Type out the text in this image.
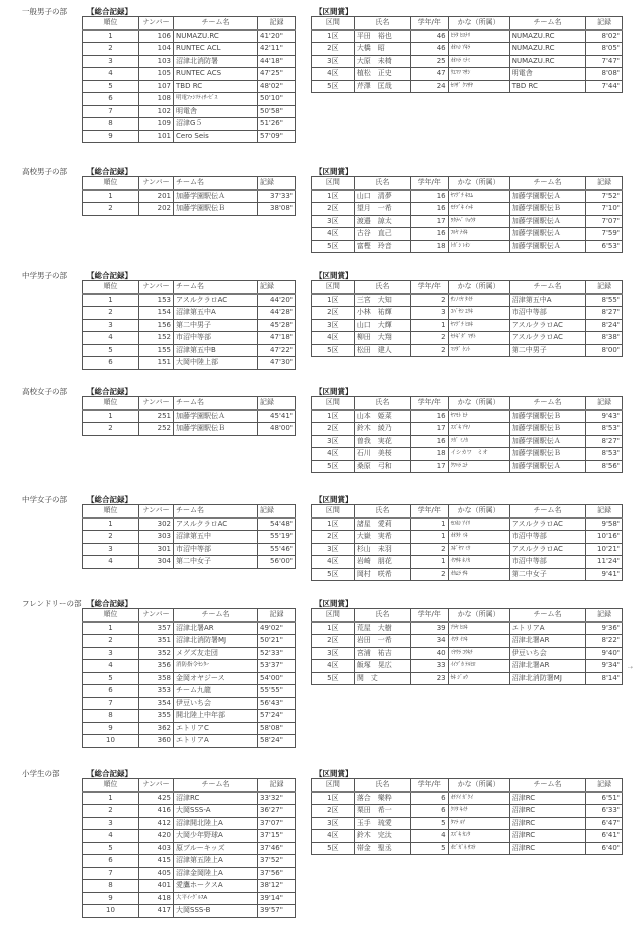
一般男子の部	【総合記録】	【区間賞】
順位	ナンバー	チーム名	記録
1	106	NUMAZU.RC	41'20"
2	104	RUNTEC ACL	42'11"
3	103	沼津北消防署	44'18"
4	105	RUNTEC ACS	47'25"
5	107	TBD RC	48'02"
6	108	明電ﾌｧｼﾘﾃｨｻｰﾋﾞｽ	50'10"
7	102	明電舎	50'58"
8	109	沼津G５	51'26"
9	101	Cero Seis	57'09"
区間	氏名	学年/年	かな（所属）	チーム名	記録
1区	平田　裕也	46	ﾋﾗﾀ ﾋﾛﾅﾘ	NUMAZU.RC	8'02"
2区	大橋　昭	46	ｵｵﾊｼ ｱｷﾗ	NUMAZU.RC	8'05"
3区	大原　未椅	25	ｵｵﾊﾗ ﾐﾅﾐ	NUMAZU.RC	7'47"
4区	植松　正史	47	ｳｴﾏﾂ ﾏｻｼ	明電舎	8'08"
5区	芹澤　匡哉	24	ｾﾘｻﾞ ｸﾏｻﾔ	TBD RC	7'44"
高校男子の部	【総合記録】	【区間賞】
順位	ナンバー	チーム名	記録
1	201	加藤学園駅伝Ａ	37'33"
2	202	加藤学園駅伝Ｂ	38'08"
区間	氏名	学年/年	かな（所属）	チーム名	記録
1区	山口　清夢	16	ﾔﾏｸﾞﾁ ｷﾖﾑ	加藤学園駅伝Ａ	7'52"
2区	望月　一希	16	ﾓﾁﾂﾞｷ ｲｯｷ	加藤学園駅伝Ｂ	7'10"
3区	渡邉　諒太	17	ﾜﾀﾅﾍﾞ ﾘｮｳﾀ	加藤学園駅伝Ａ	7'07"
4区	古谷　直己	16	ﾌﾙﾔ ﾅｵｷ	加藤学園駅伝Ａ	7'59"
5区	富樫　玲音	18	ﾄｶﾞｼ ﾚｵﾝ	加藤学園駅伝Ａ	6'53"
中学男子の部	【総合記録】	【区間賞】
順位	ナンバー	チーム名	記録
1	153	アスルクラロAC	44'20"
2	154	沼津第五中A	44'28"
3	156	第二中男子	45'28"
4	152	市沼中等部	47'18"
5	155	沼津第五中B	47'22"
6	151	大岡中陸上部	47'30"
区間	氏名	学年/年	かな（所属）	チーム名	記録
1区	三宮　大知	2	ｻﾝﾉﾐﾔ ﾀｲﾁ	沼津第五中A	8'55"
2区	小林　祐輝	3	ｺﾊﾞﾔｼ ﾕｳｷ	市沼中等部	8'27"
3区	山口　大輝	1	ﾔﾏｸﾞﾁ ﾋﾛｷ	アスルクラロAC	8'24"
4区	柳田　大翔	2	ﾔﾅｷﾞﾀﾞ ﾏｻﾄ	アスルクラロAC	8'38"
5区	松田　建人	2	ﾏﾂﾀﾞ ｹﾝﾄ	第二中男子	8'00"
高校女子の部	【総合記録】	【区間賞】
順位	ナンバー	チーム名	記録
1	251	加藤学園駅伝Ａ	45'41"
2	252	加藤学園駅伝Ｂ	48'00"
区間	氏名	学年/年	かな（所属）	チーム名	記録
1区	山本　姫菜	16	ﾔﾏﾓﾄ ﾋﾅ	加藤学園駅伝Ｂ	9'43"
2区	鈴木　綾乃	17	ｽｽﾞｷ ｱﾔﾉ	加藤学園駅伝Ｂ	8'53"
3区	曽我　実花	16	ｿｶﾞ ﾐﾉｶ	加藤学園駅伝Ａ	8'27"
4区	石川　美桜	18	イシカワ　ミオ	加藤学園駅伝Ｂ	8'53"
5区	桑原　弓和	17	ｸﾜﾊﾗ ﾕﾅ	加藤学園駅伝Ａ	8'56"
中学女子の部	【総合記録】	【区間賞】
順位	ナンバー	チーム名	記録
1	302	アスルクラロAC	54'48"
2	303	沼津第五中	55'19"
3	301	市沼中等部	55'46"
4	304	第二中女子	56'00"
区間	氏名	学年/年	かな（所属）	チーム名	記録
1区	諸星　愛莉	1	ﾓﾛﾎｼ ｱｲﾘ	アスルクラロAC	9'58"
2区	大嶽　実希	1	ｵｵﾀｹ ﾐｷ	市沼中等部	10'16"
3区	杉山　未羽	2	ｽｷﾞﾔﾏ ﾐｳ	アスルクラロAC	10'21"
4区	岩崎　朋花	1	ｲﾜｻｷ ﾎﾉｶ	市沼中等部	11'24"
5区	岡村　咲希	2	ｵｶﾑﾗ ｻｷ	第二中女子	9'41"
フレンドリーの部 【総合記録】	【区間賞】
順位	ナンバー	チーム名	記録
1	357	沼津北署AR	49'02"
2	351	沼津北消防署MJ	50'21"
3	352	メグズ友走団	52'33"
4	356	消防指令ｾﾝﾀｰ	53'37"
5	358	金岡オヤジース	54'00"
6	353	チーム九龍	55'55"
7	354	伊豆いち会	56'43"
8	355	開北陸上中年部	57'24"
9	362	エトリアC	58'08"
10	360	エトリアA	58'24"
区間	氏名	学年/年	かな（所属）	チーム名	記録
1区	荒屋　大樹	39	ｱﾗﾔ ﾋﾛｷ	エトリアA	9'36"
2区	岩田　一希	34	ｲﾜﾀ ｲﾂｷ	沼津北署AR	8'22"
3区	宮浦　祐吉	40	ﾐﾔｳﾗ ｺｳｷﾁ	伊豆いち会	9'40"
4区	飯塚　晃広	33	ｲｲﾂﾞｶ ﾃﾙﾋﾛ	沼津北署AR	9'34"
5区	関　丈	23	ｾｷ ｼﾞｮｳ	沼津北消防署MJ	8'14"
小学生の部	【総合記録】	【区間賞】
順位	ナンバー	チーム名	記録
1	425	沼津RC	33'32"
2	416	大岡SSS-A	36'27"
3	412	沼津開北陸上A	37'07"
4	420	大岡少年野球A	37'15"
5	403	原ブルーキッズ	37'46"
6	415	沼津第五陸上A	37'52"
7	405	沼津金岡陸上A	37'56"
8	401	愛鷹ホークスA	38'12"
9	418	大平ｲｰｸﾞﾙｽA	39'14"
10	417	大岡SSS-B	39'57"
区間	氏名	学年/年	かな（所属）	チーム名	記録
1区	落合　樂粋	6	ｵﾁｱｲ ｶﾞｸｲ	沼津RC	6'51"
2区	栗田　希一	6	ｸﾘﾀ ｷｲﾁ	沼津RC	6'33"
3区	玉手　琉愛	5	ﾀﾏﾃ ﾙｱ	沼津RC	6'47"
4区	鈴木　完汰	4	ｽｽﾞｷ ｶﾝﾀ	沼津RC	6'41"
5区	帯金　聖丞	5	ｵﾋﾞｶﾞﾈ ｻｽｹ	沼津RC	6'40"
⇢
